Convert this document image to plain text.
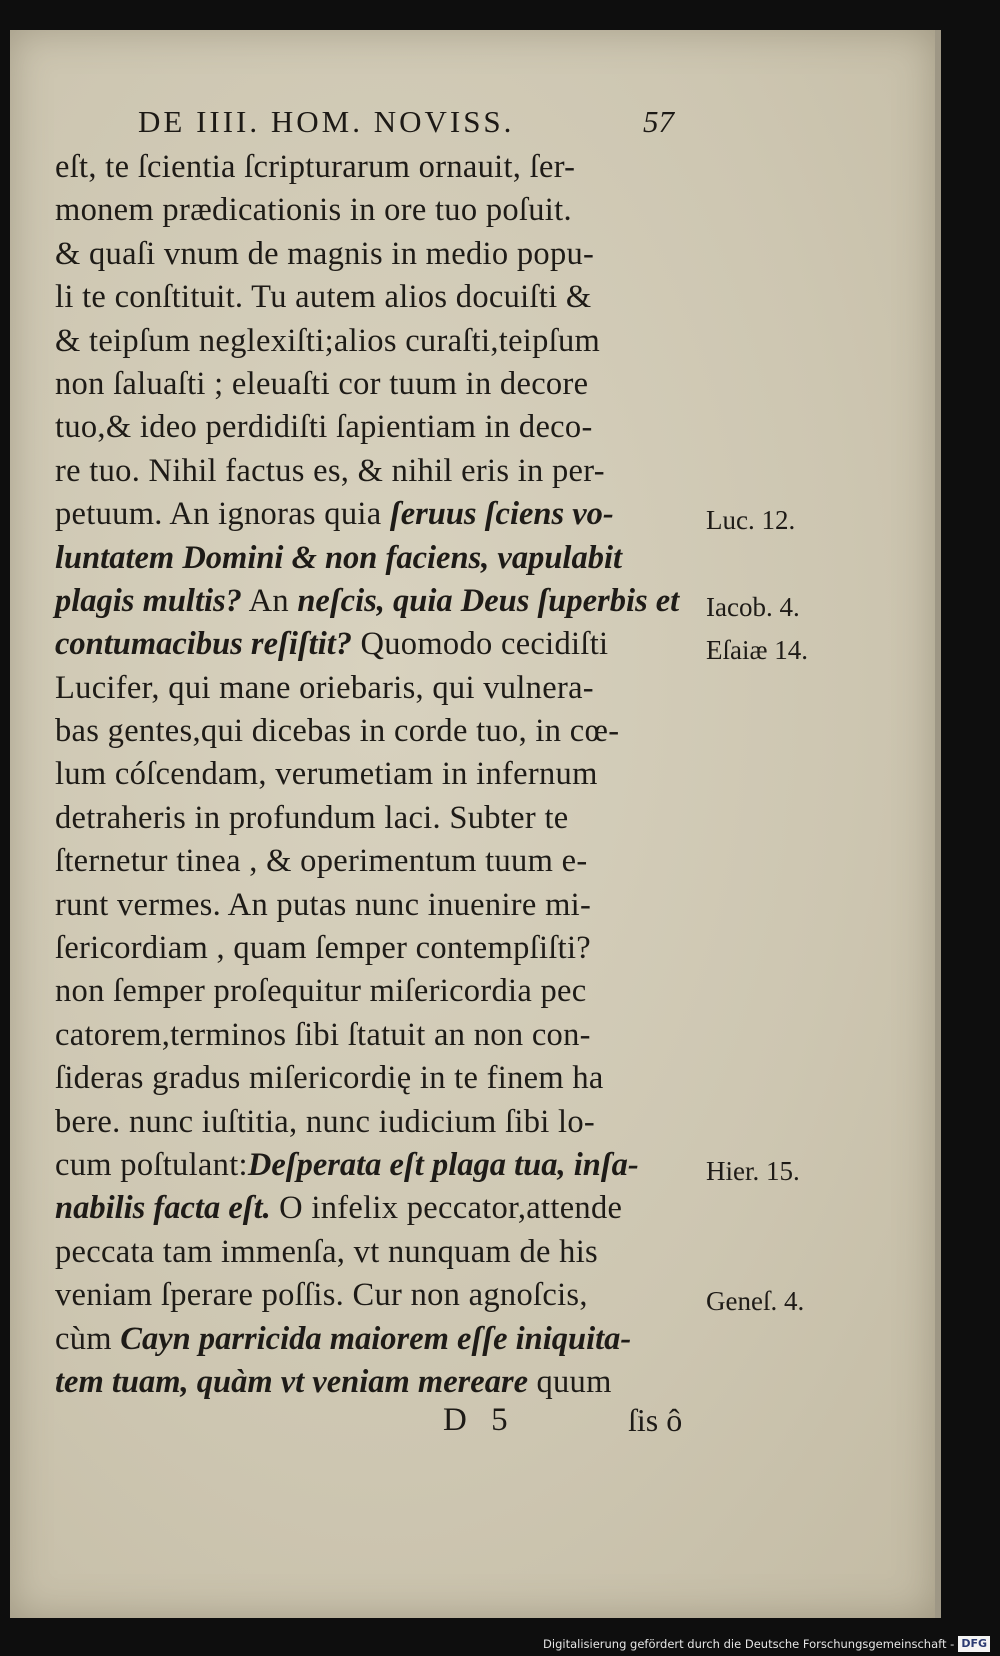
DE IIII. HOM. NOVISS.	57
eſt, te ſcientia ſcripturarum ornauit, ſer-
monem prædicationis in ore tuo poſuit.
& quaſi vnum de magnis in medio popu-
li te conſtituit. Tu autem alios docuiſti &
& teipſum neglexiſti;alios curaſti,teipſum
non ſaluaſti ; eleuaſti cor tuum in decore
tuo,& ideo perdidiſti ſapientiam in deco-
re tuo. Nihil factus es, & nihil eris in per-
petuum. An ignoras quia ſeruus ſciens vo-
luntatem Domini & non faciens, vapulabit
plagis multis? An neſcis, quia Deus ſuperbis et
contumacibus reſiſtit? Quomodo cecidiſti
Lucifer, qui mane oriebaris, qui vulnera-
bas gentes,qui dicebas in corde tuo, in cœ-
lum cóſcendam, verumetiam in infernum
detraheris in profundum laci. Subter te
ſternetur tinea , & operimentum tuum e-
runt vermes. An putas nunc inuenire mi-
ſericordiam , quam ſemper contempſiſti?
non ſemper proſequitur miſericordia pec
catorem,terminos ſibi ſtatuit an non con-
ſideras gradus miſericordię in te finem ha
bere. nunc iuſtitia, nunc iudicium ſibi lo-
cum poſtulant:Deſperata eſt plaga tua, inſa-
nabilis facta eſt. O infelix peccator,attende
peccata tam immenſa, vt nunquam de his
veniam ſperare poſſis. Cur non agnoſcis,
cùm Cayn parricida maiorem eſſe iniquita-
tem tuam, quàm vt veniam mereare quum
Luc. 12.
Iacob. 4.
Eſaiæ 14.
Hier. 15.
Geneſ. 4.
D 5	ſis ô
Digitalisierung gefördert durch die Deutsche Forschungsgemeinschaft - DFG
